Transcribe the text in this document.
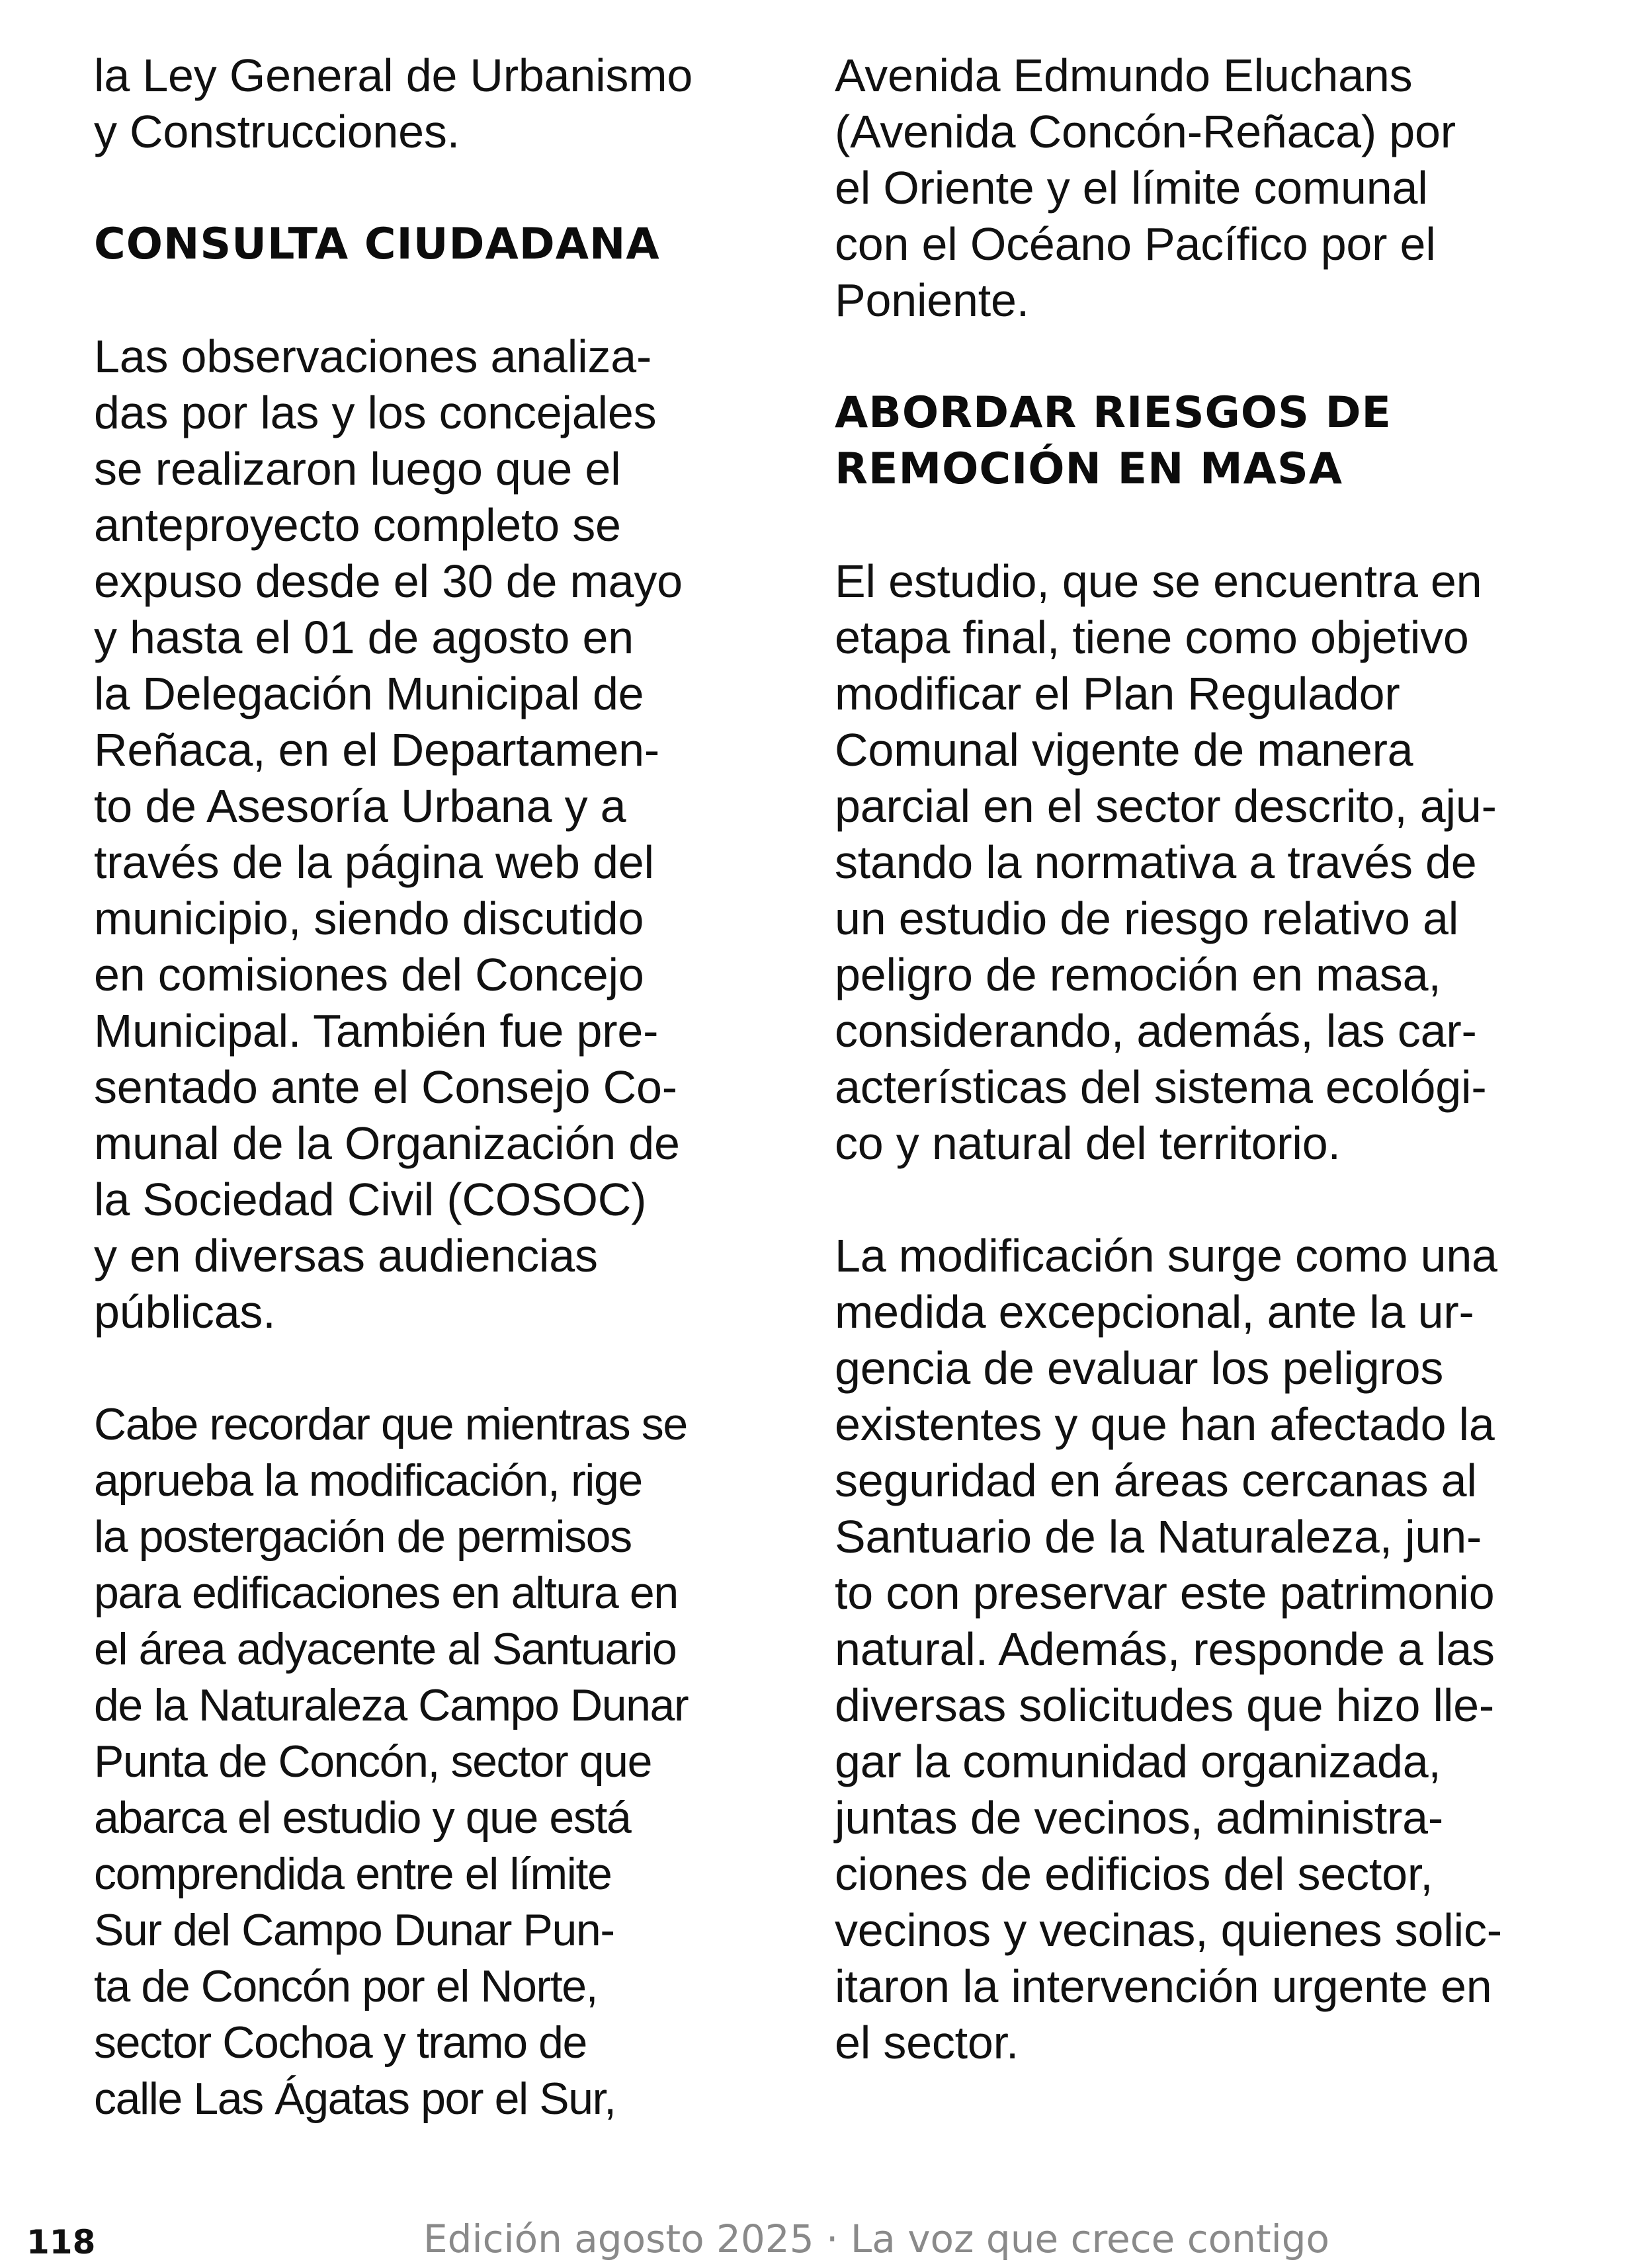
la Ley General de Urbanismo
y Construcciones.

CONSULTA CIUDADANA

Las observaciones analiza-
das por las y los concejales
se realizaron luego que el
anteproyecto completo se
expuso desde el 30 de mayo
y hasta el 01 de agosto en
la Delegación Municipal de
Reñaca, en el Departamen-
to de Asesoría Urbana y a
través de la página web del
municipio, siendo discutido
en comisiones del Concejo
Municipal. También fue pre-
sentado ante el Consejo Co-
munal de la Organización de
la Sociedad Civil (COSOC)
y en diversas audiencias
públicas.

Cabe recordar que mientras se
aprueba la modificación, rige
la postergación de permisos
para edificaciones en altura en
el área adyacente al Santuario
de la Naturaleza Campo Dunar
Punta de Concón, sector que
abarca el estudio y que está
comprendida entre el límite
Sur del Campo Dunar Pun-
ta de Concón por el Norte,
sector Cochoa y tramo de
calle Las Ágatas por el Sur,

Avenida Edmundo Eluchans
(Avenida Concón-Reñaca) por
el Oriente y el límite comunal
con el Océano Pacífico por el
Poniente.

ABORDAR RIESGOS DE
REMOCIÓN EN MASA

El estudio, que se encuentra en
etapa final, tiene como objetivo
modificar el Plan Regulador
Comunal vigente de manera
parcial en el sector descrito, aju-
stando la normativa a través de
un estudio de riesgo relativo al
peligro de remoción en masa,
considerando, además, las car-
acterísticas del sistema ecológi-
co y natural del territorio.

La modificación surge como una
medida excepcional, ante la ur-
gencia de evaluar los peligros
existentes y que han afectado la
seguridad en áreas cercanas al
Santuario de la Naturaleza, jun-
to con preservar este patrimonio
natural. Además, responde a las
diversas solicitudes que hizo lle-
gar la comunidad organizada,
juntas de vecinos, administra-
ciones de edificios del sector,
vecinos y vecinas, quienes solic-
itaron la intervención urgente en
el sector.

118	Edición agosto 2025 · La voz que crece contigo
